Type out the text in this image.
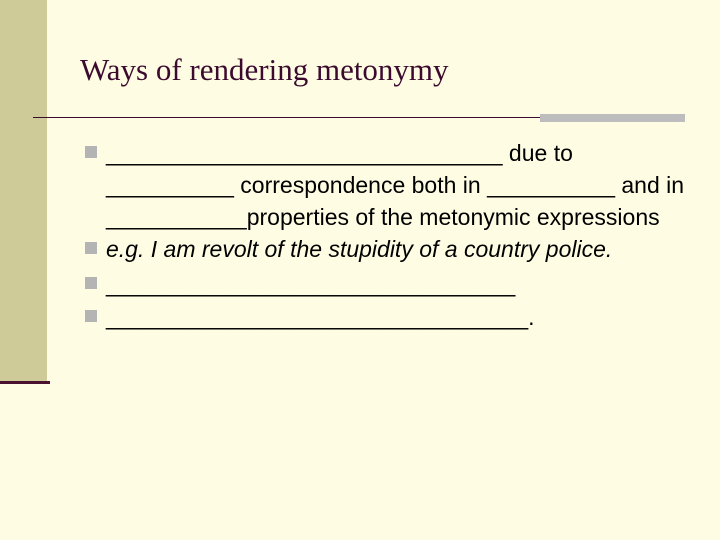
Ways of rendering metonymy
_______________________________ due to __________ correspondence both in __________ and in ___________properties of the metonymic expressions
e.g. I am revolt of the stupidity of a country police.
________________________________
_________________________________.
